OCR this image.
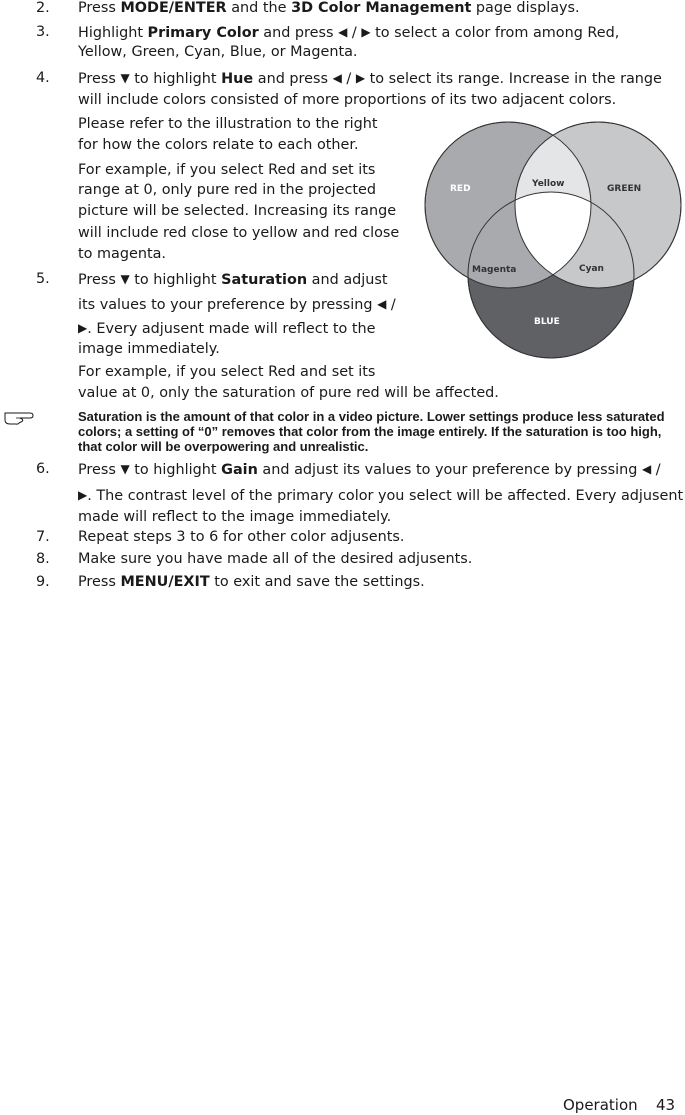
2. Press MODE/ENTER and the 3D Color Management page displays.
3. Highlight Primary Color and press ◀ / ▶ to select a color from among Red,
Yellow, Green, Cyan, Blue, or Magenta.
4. Press ▼ to highlight Hue and press ◀ / ▶ to select its range. Increase in the range
will include colors consisted of more proportions of its two adjacent colors.
Please refer to the illustration to the right
for how the colors relate to each other.
For example, if you select Red and set its
range at 0, only pure red in the projected
picture will be selected. Increasing its range
will include red close to yellow and red close
to magenta.
5. Press ▼ to highlight Saturation and adjust
its values to your preference by pressing ◀ /
▶. Every adjusent made will reflect to the
image immediately.
For example, if you select Red and set its
value at 0, only the saturation of pure red will be affected.
Saturation is the amount of that color in a video picture. Lower settings produce less saturated colors; a setting of “0” removes that color from the image entirely. If the saturation is too high, that color will be overpowering and unrealistic.
6. Press ▼ to highlight Gain and adjust its values to your preference by pressing ◀ /
▶. The contrast level of the primary color you select will be affected. Every adjusent
made will reflect to the image immediately.
7. Repeat steps 3 to 6 for other color adjusents.
8. Make sure you have made all of the desired adjusents.
9. Press MENU/EXIT to exit and save the settings.
RED	GREEN
Yellow
Magenta	Cyan
BLUE
Operation 43
